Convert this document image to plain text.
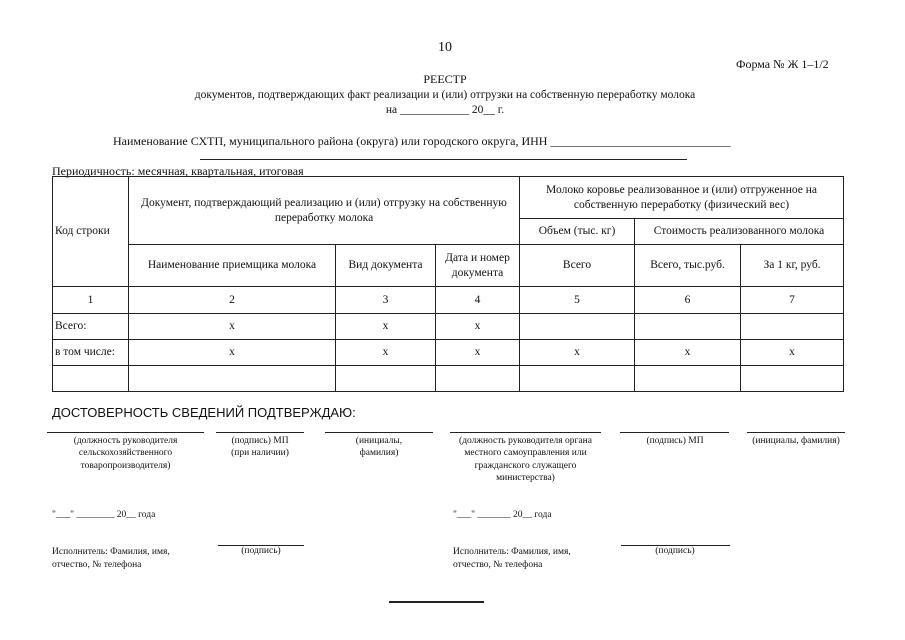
10
Форма № Ж 1–1/2
РЕЕСТР
документов, подтверждающих факт реализации и (или) отгрузки на собственную переработку молока
на ____________ 20__ г.
Наименование СХТП, муниципального района (округа) или городского округа, ИНН ______________________________
Периодичность: месячная, квартальная, итоговая
Код строки	Документ, подтверждающий реализацию и (или) отгрузку на собственную переработку молока			Молоко коровье реализованное и (или) отгруженное на собственную переработку (физический вес)		
				Объем (тыс. кг)	Стоимость реализованного молока	
	Наименование приемщика молока	Вид документа	Дата и номер документа	Всего	Всего, тыс.руб.	За 1 кг, руб.
1	2	3	4	5	6	7
Всего:	х	х	х			
в том числе:	х	х	х	х	х	х

ДОСТОВЕРНОСТЬ СВЕДЕНИЙ ПОДТВЕРЖДАЮ:
(должность руководителя сельскохозяйственного товаропроизводителя)
(подпись) МП (при наличии)
(инициалы, фамилия)
(должность руководителя органа местного самоуправления или гражданского служащего министерства)
(подпись) МП	(инициалы, фамилия)
"___" ________ 20__ года	"___" _______ 20__ года
Исполнитель: Фамилия, имя, отчество, № телефона
(подпись)	Исполнитель: Фамилия, имя, отчество, № телефона
(подпись)
